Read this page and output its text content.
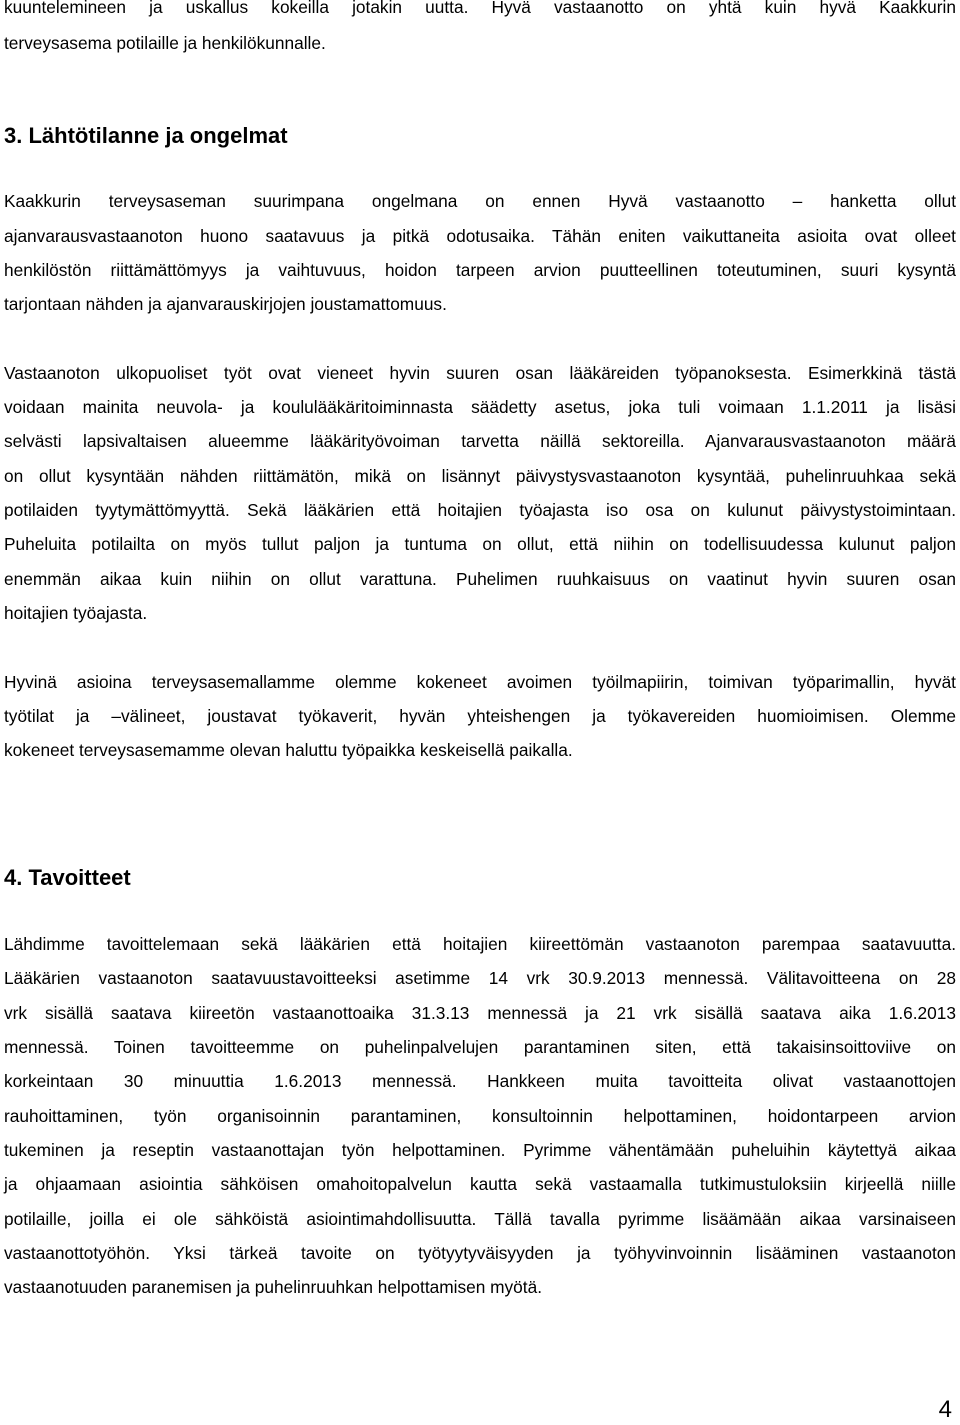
kuuntelemineen ja uskallus kokeilla jotakin uutta. Hyvä vastaanotto on yhtä kuin hyvä Kaakkurin
terveysasema potilaille ja henkilökunnalle.
3. Lähtötilanne ja ongelmat
Kaakkurin terveysaseman suurimpana ongelmana on ennen Hyvä vastaanotto – hanketta ollut
ajanvarausvastaanoton huono saatavuus ja pitkä odotusaika. Tähän eniten vaikuttaneita asioita ovat olleet
henkilöstön riittämättömyys ja vaihtuvuus, hoidon tarpeen arvion puutteellinen toteutuminen, suuri kysyntä
tarjontaan nähden ja ajanvarauskirjojen joustamattomuus.
Vastaanoton ulkopuoliset työt ovat vieneet hyvin suuren osan lääkäreiden työpanoksesta. Esimerkkinä tästä
voidaan mainita neuvola- ja koululääkäritoiminnasta säädetty asetus, joka tuli voimaan 1.1.2011 ja lisäsi
selvästi lapsivaltaisen alueemme lääkärityövoiman tarvetta näillä sektoreilla. Ajanvarausvastaanoton määrä
on ollut kysyntään nähden riittämätön, mikä on lisännyt päivystysvastaanoton kysyntää, puhelinruuhkaa sekä
potilaiden tyytymättömyyttä. Sekä lääkärien että hoitajien työajasta iso osa on kulunut päivystystoimintaan.
Puheluita potilailta on myös tullut paljon ja tuntuma on ollut, että niihin on todellisuudessa kulunut paljon
enemmän aikaa kuin niihin on ollut varattuna. Puhelimen ruuhkaisuus on vaatinut hyvin suuren osan
hoitajien työajasta.
Hyvinä asioina terveysasemallamme olemme kokeneet avoimen työilmapiirin, toimivan työparimallin, hyvät
työtilat ja –välineet, joustavat työkaverit, hyvän yhteishengen ja työkavereiden huomioimisen. Olemme
kokeneet terveysasemamme olevan haluttu työpaikka keskeisellä paikalla.
4. Tavoitteet
Lähdimme tavoittelemaan sekä lääkärien että hoitajien kiireettömän vastaanoton parempaa saatavuutta.
Lääkärien vastaanoton saatavuustavoitteeksi asetimme 14 vrk 30.9.2013 mennessä. Välitavoitteena on 28
vrk sisällä saatava kiireetön vastaanottoaika 31.3.13 mennessä ja 21 vrk sisällä saatava aika 1.6.2013
mennessä. Toinen tavoitteemme on puhelinpalvelujen parantaminen siten, että takaisinsoittoviive on
korkeintaan 30 minuuttia 1.6.2013 mennessä. Hankkeen muita tavoitteita olivat vastaanottojen
rauhoittaminen, työn organisoinnin parantaminen, konsultoinnin helpottaminen, hoidontarpeen arvion
tukeminen ja reseptin vastaanottajan työn helpottaminen. Pyrimme vähentämään puheluihin käytettyä aikaa
ja ohjaamaan asiointia sähköisen omahoitopalvelun kautta sekä vastaamalla tutkimustuloksiin kirjeellä niille
potilaille, joilla ei ole sähköistä asiointimahdollisuutta. Tällä tavalla pyrimme lisäämään aikaa varsinaiseen
vastaanottotyöhön. Yksi tärkeä tavoite on työtyytyväisyyden ja työhyvinvoinnin lisääminen vastaanoton
vastaanotuuden paranemisen ja puhelinruuhkan helpottamisen myötä.
4
